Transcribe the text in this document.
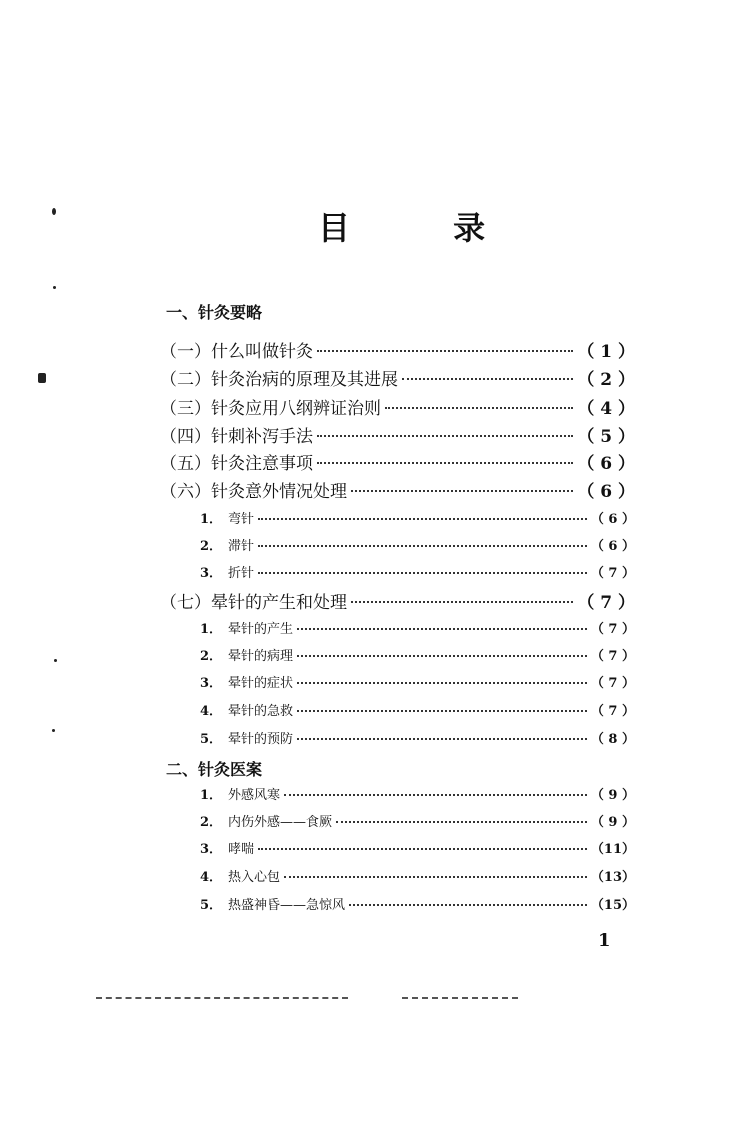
目 录
一、针灸要略
（一）什么叫做针灸	（ 1 ）
（二）针灸治病的原理及其进展	（ 2 ）
（三）针灸应用八纲辨证治则	（ 4 ）
（四）针刺补泻手法	（ 5 ）
（五）针灸注意事项	（ 6 ）
（六）针灸意外情况处理	（ 6 ）
1． 弯针	（ 6 ）
2． 滞针	（ 6 ）
3． 折针	（ 7 ）
（七）晕针的产生和处理	（ 7 ）
1． 晕针的产生	（ 7 ）
2． 晕针的病理	（ 7 ）
3． 晕针的症状	（ 7 ）
4． 晕针的急救	（ 7 ）
5． 晕针的预防	（ 8 ）
二、针灸医案
1． 外感风寒	（ 9 ）
2． 内伤外感——食厥	（ 9 ）
3． 哮喘	（11）
4． 热入心包	（13）
5． 热盛神昏——急惊风	（15）
1
